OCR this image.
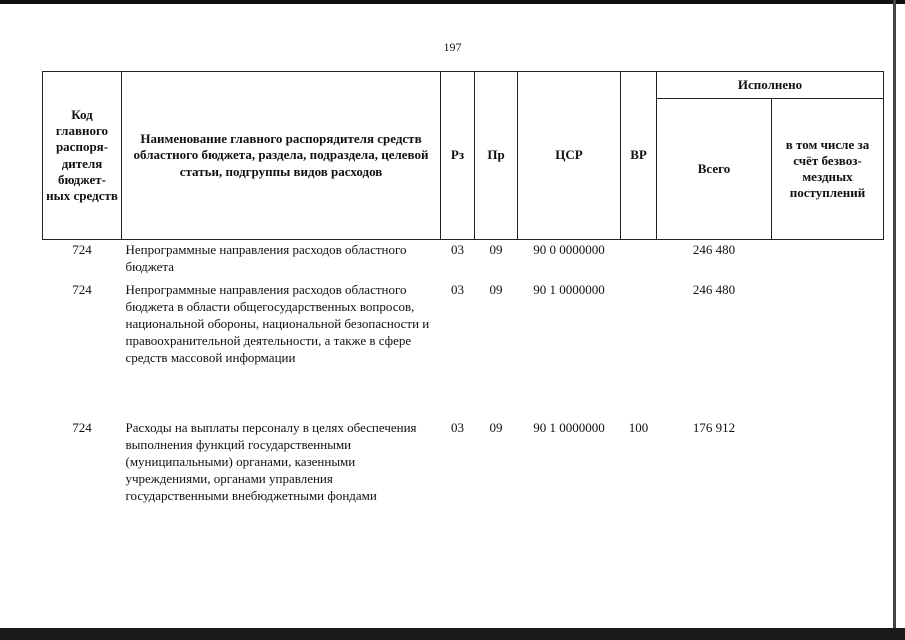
197
Код главного распоря-дителя бюджет-ных средств	Наименование главного распорядителя средств областного бюджета, раздела, подраздела, целевой статьи, подгруппы видов расходов	Рз	Пр	ЦСР	ВР	Исполнено	
						Всего	в том числе за счёт безвоз-мездных поступлений
724	Непрограммные направления расходов областного бюджета	03	09	90 0 0000000		246 480	
724	Непрограммные направления расходов областного бюджета в области общегосударственных вопросов, национальной обороны, национальной безопасности и правоохранительной деятельности, а также в сфере средств массовой информации	03	09	90 1 0000000		246 480	
724	Расходы на выплаты персоналу в целях обеспечения выполнения функций государственными (муниципальными) органами, казенными учреждениями, органами управления государственными внебюджетными фондами	03	09	90 1 0000000	100	176 912	
